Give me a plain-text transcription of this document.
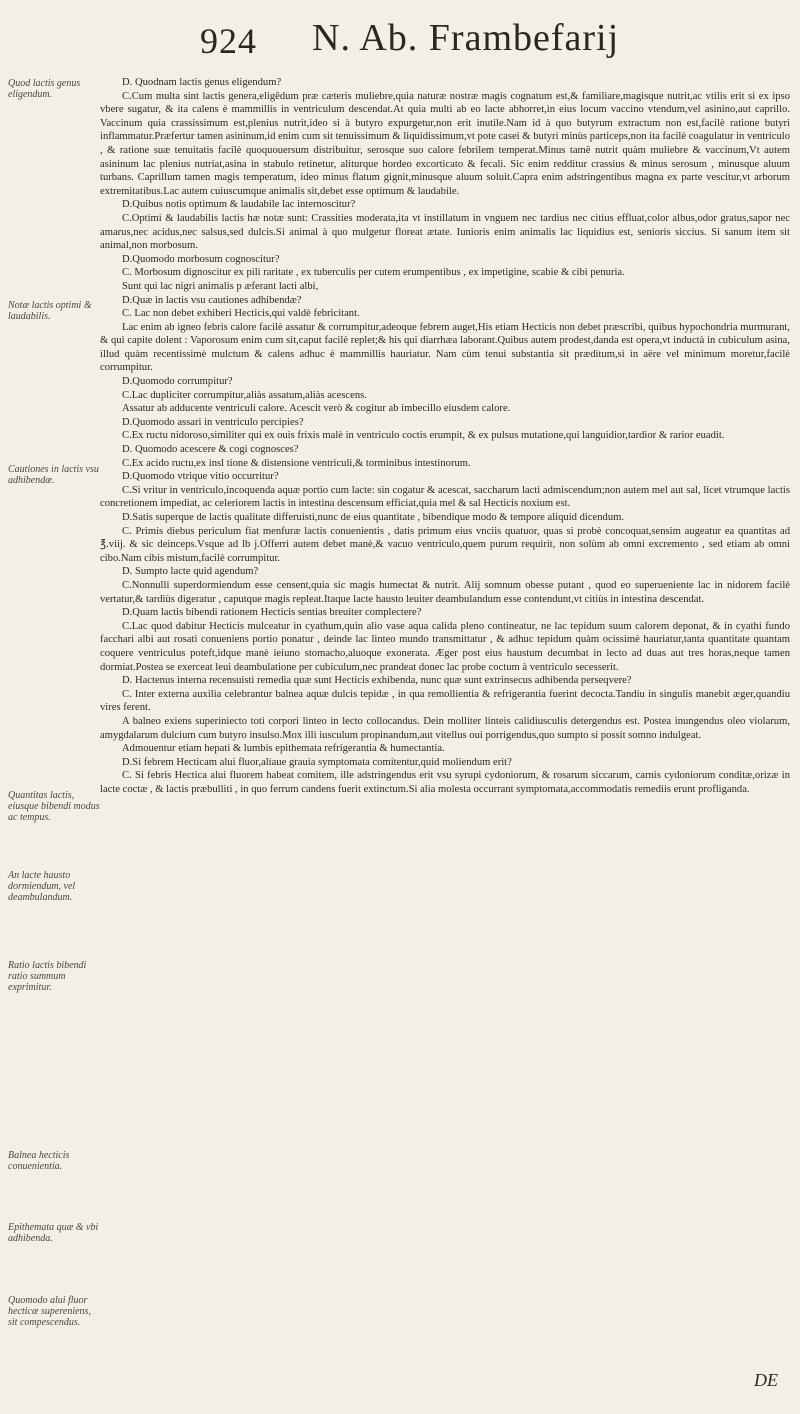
924 N. Ab. Frambefarij
Quod lactis genus eligendum.
Notæ lactis optimi & laudabilis.
Cautiones in lactis vsu adhibendæ.
Quantitas lactis, eiusque bibendi modus ac tempus.
An lacte hausto dormiendum, vel deambulandum.
Ratio lactis bibendi ratio summum exprimitur.
Balnea hecticis conuenientia.
Epithemata quæ & vbi adhibenda.
Quomodo alui fluor hecticæ supereniens, sit compescendus.

D. Quodnam lactis genus eligendum?

C.Cum multa sint lactis genera,eligēdum præ cæteris muliebre,quia naturæ nostræ magis cognatum est,& familiare,magisque nutrit,ac vtilis erit si ex ipso vbere sugatur, & ita calens è mammillis in ventriculum descendat.At quia multi ab eo lacte abhorret,in eius locum vaccino vtendum,vel asinino,aut caprillo. Vaccinum quia crassissimum est,plenius nutrit,ideo si à butyro expurgetur,non erit inutile.Nam id à quo butyrum extractum non est,facilè ratione butyri inflammatur.Præfertur tamen asininum,id enim cum sit tenuissimum & liquidissimum,vt pote casei & butyri minùs particeps,non ita facilè coagulatur in ventriculo , & ratione suæ tenuitatis facilè quoquouersum distribuitur, serosque suo calore febrilem temperat.Minus tamē nutrit quàm muliebre & vaccinum,Vt autem asininum lac plenius nutriat,asina in stabulo retinetur, aliturque hordeo excorticato & fecali. Sic enim redditur crassius & minus serosum , minusque aluum turbans. Caprillum tamen magis temperatum, ideo minus flatum gignit,minusque aluum soluit.Capra enim adstringentibus magna ex parte vescitur,vt arborum extremitatibus.Lac autem cuiuscumque animalis sit,debet esse optimum & laudabile.

D.Quibus notis optimum & laudabile lac internoscitur?

C.Optimi & laudabilis lactis hæ notæ sunt: Crassities moderata,ita vt instillatum in vnguem nec tardius nec citius effluat,color albus,odor gratus,sapor nec amarus,nec acidus,nec salsus,sed dulcis.Si animal à quo mulgetur floreat ætate. Iunioris enim animalis lac liquidius est, senioris siccius. Si sanum item sit animal,non morbosum.

D.Quomodo morbosum cognoscitur?

C. Morbosum dignoscitur ex pili raritate , ex tuberculis per cutem erumpentibus , ex impetigine, scabie & cibi penuria.

Sunt qui lac nigri animalis p æferant lacti albi,

D.Quæ in lactis vsu cautiones adhibendæ?

C. Lac non debet exhiberi Hecticis,qui valdè febricitant.

Lac enim ab igneo febris calore facilè assatur & corrumpitur,adeoque febrem auget,His etiam Hecticis non debet præscribi, quibus hypochondria murmurant, & qui capite dolent : Vaporosum enim cum sit,caput facilè replet;& his qui diarrhæa laborant.Quibus autem prodest,danda est opera,vt inductà in cubiculum asina, illud quàm recentissimè mulctum & calens adhuc è mammillis hauriatur. Nam cùm tenui substantia sit præditum,si in aëre vel minimum moretur,facilè corrumpitur.

D.Quomodo corrumpitur?

C.Lac dupliciter corrumpitur,aliàs assatum,aliàs acescens.

Assatur ab adducente ventriculi calore. Acescit verò & cogitur ab imbecillo eiusdem calore.

D.Quomodo assari in ventriculo percipies?

C.Ex ructu nidoroso,similiter qui ex ouis frixis malè in ventriculo coctis erumpit, & ex pulsus mutatione,qui languidior,tardior & rarior euadit.

D. Quomodo acescere & cogi cognosces?

C.Ex acido ructu,ex insl tione & distensione ventriculi,& torminibus intestinorum.

D.Quomodo vtrique vitio occurritur?

C.Si vritur in ventriculo,incoquenda aquæ portio cum lacte: sin cogatur & acescat, saccharum lacti admiscendum;non autem mel aut sal, licet vtrumque lactis concretionem impediat, ac celeriorem lactis in intestina descensum efficiat,quia mel & sal Hecticis noxium est.

D.Satis superque de lactis qualitate differuisti,nunc de eius quantitate , bibendique modo & tempore aliquid dicendum.

C. Primis diebus periculum fiat menfuræ lactis conuenientis , datis primum eius vnciis quatuor, quas si probè concoquat,sensim augeatur ea quantitas ad ℥.viij. & sic deinceps.Vsque ad lb j.Offerri autem debet manè,& vacuo ventriculo,quem purum requirit, non solùm ab omni excremento , sed etiam ab omni cibo.Nam cibis mistum,facilè corrumpitur.

D. Sumpto lacte quid agendum?

C.Nonnulli superdormiendum esse censent,quia sic magis humectat & nutrit. Alij somnum obesse putant , quod eo superueniente lac in nidorem facilè vertatur,& tardiùs digeratur , caputque magis repleat.Itaque lacte hausto leuiter deambulandum esse contendunt,vt citiùs in intestina descendat.

D.Quam lactis bibendi rationem Hecticis sentias breuiter complectere?

C.Lac quod dabitur Hecticis mulceatur in cyathum,quin alio vase aqua calida pleno contineatur, ne lac tepidum suum calorem deponat, & in cyathi fundo facchari albi aut rosati conueniens portio ponatur , deinde lac linteo mundo transmittatur , & adhuc tepidum quàm ocissimè hauriatur,tanta quantitate quantam coquere ventriculus poteft,idque manè ieiuno stomacho,aluoque exonerata. Æger post eius haustum decumbat in lecto ad duas aut tres horas,neque tamen dormiat.Postea se exerceat leui deambulatione per cubiculum,nec prandeat donec lac probe coctum à ventriculo secesserit.

D. Hactenus interna recensuisti remedia quæ sunt Hecticis exhibenda, nunc quæ sunt extrinsecus adhibenda perseqvere?

C. Inter externa auxilia celebrantur balnea aquæ dulcis tepidæ , in qua remollientia & refrigerantia fuerint decocta.Tandiu in singulis manebit æger,quandiu vires ferent.

A balneo exiens superiniecto toti corpori linteo in lecto collocandus. Dein molliter linteis calidiusculis detergendus est. Postea inungendus oleo violarum, amygdalarum dulcium cum butyro insulso.Mox illi iusculum propinandum,aut vitellus oui porrigendus,quo sumpto si possit somno indulgeat.

Admouentur etiam hepati & lumbis epithemata refrigerantia & humectantia.

D.Si febrem Hecticam alui fluor,aliaue grauia symptomata comitentur,quid moliendum erit?

C. Si febris Hectica alui fluorem habeat comitem, ille adstringendus erit vsu syrupi cydoniorum, & rosarum siccarum, carnis cydoniorum conditæ,orizæ in lacte coctæ , & lactis præbulliti , in quo ferrum candens fuerit extinctum.Si alia molesta occurrant symptomata,accommodatis remediis erunt profliganda.

DE
